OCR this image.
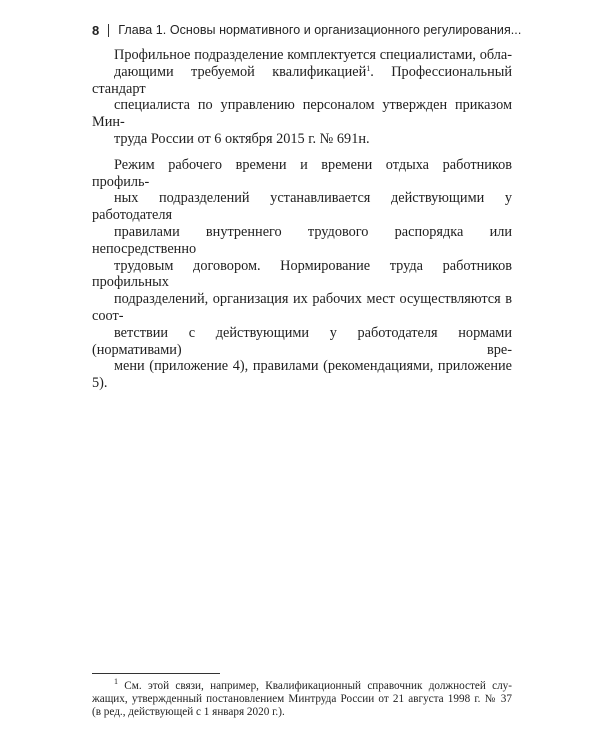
8 Глава 1. Основы нормативного и организационного регулирования...

Профильное подразделение комплектуется специалистами, обла-
дающими требуемой квалификацией$^1$. Профессиональный стандарт
специалиста по управлению персоналом утвержден приказом Мин-
труда России от 6 октября 2015 г. № 691н.

Режим рабочего времени и времени отдыха работников профиль-
ных подразделений устанавливается действующими у работодателя
правилами внутреннего трудового распорядка или непосредственно
трудовым договором. Нормирование труда работников профильных
подразделений, организация их рабочих мест осуществляются в соот-
ветствии с действующими у работодателя нормами (нормативами) вре-
мени (приложение 4), правилами (рекомендациями, приложение 5).

$^1$ См. этой связи, например, Квалификационный справочник должностей слу-
жащих, утвержденный постановлением Минтруда России от 21 августа 1998 г. № 37
(в ред., действующей с 1 января 2020 г.).
